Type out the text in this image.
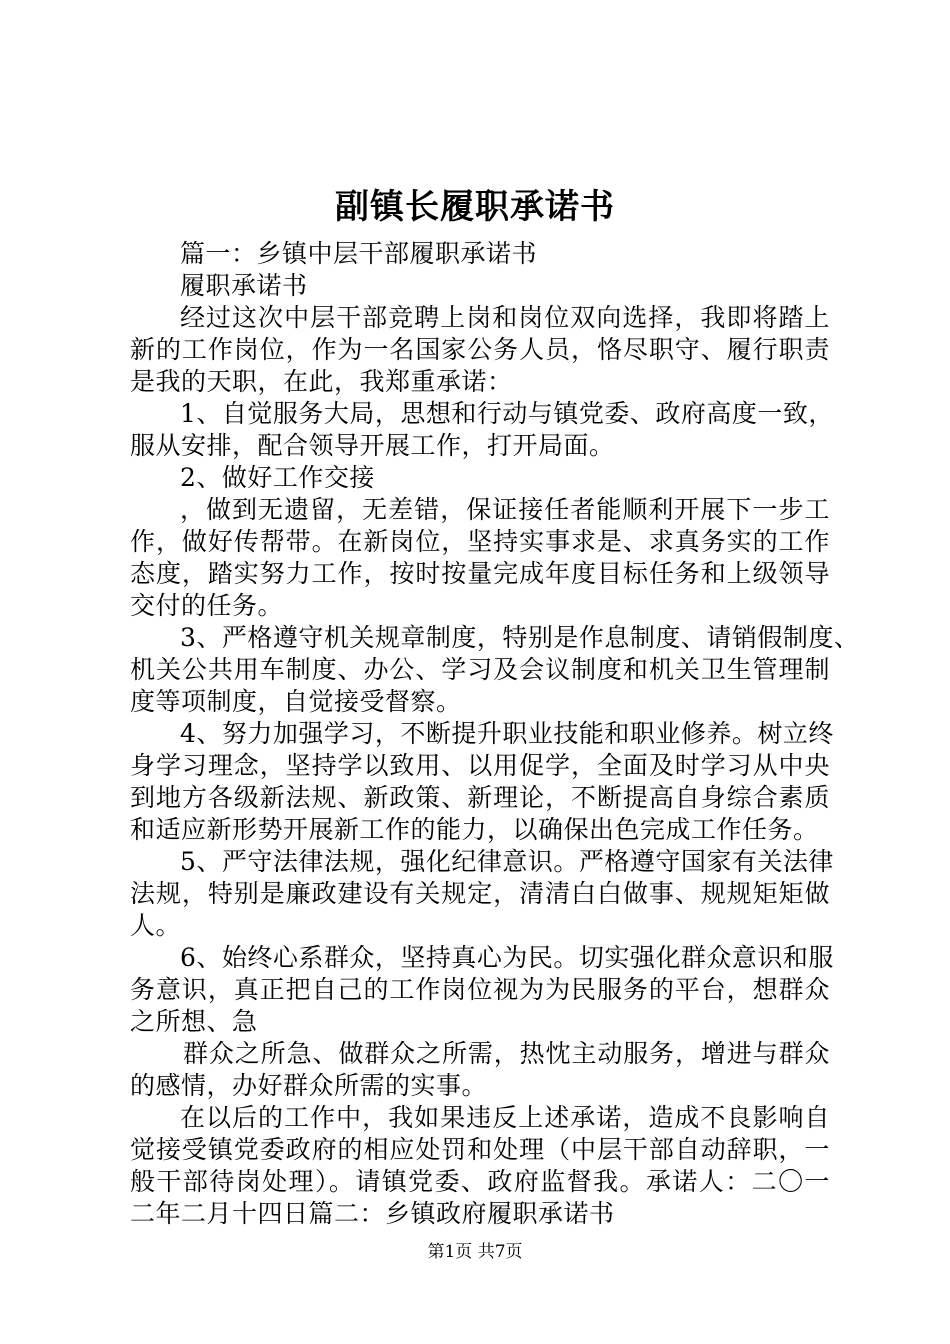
副镇长履职承诺书
篇一：乡镇中层干部履职承诺书
履职承诺书
经过这次中层干部竞聘上岗和岗位双向选择，我即将踏上
新的工作岗位，作为一名国家公务人员，恪尽职守、履行职责
是我的天职，在此，我郑重承诺：
1、自觉服务大局，思想和行动与镇党委、政府高度一致，
服从安排，配合领导开展工作，打开局面。
2、做好工作交接
，做到无遗留，无差错，保证接任者能顺利开展下一步工
作，做好传帮带。在新岗位，坚持实事求是、求真务实的工作
态度，踏实努力工作，按时按量完成年度目标任务和上级领导
交付的任务。
3、严格遵守机关规章制度，特别是作息制度、请销假制度、
机关公共用车制度、办公、学习及会议制度和机关卫生管理制
度等项制度，自觉接受督察。
4、努力加强学习，不断提升职业技能和职业修养。树立终
身学习理念，坚持学以致用、以用促学，全面及时学习从中央
到地方各级新法规、新政策、新理论，不断提高自身综合素质
和适应新形势开展新工作的能力，以确保出色完成工作任务。
5、严守法律法规，强化纪律意识。严格遵守国家有关法律
法规，特别是廉政建设有关规定，清清白白做事、规规矩矩做
人。
6、始终心系群众，坚持真心为民。切实强化群众意识和服
务意识，真正把自己的工作岗位视为为民服务的平台，想群众
之所想、急
群众之所急、做群众之所需，热忱主动服务，增进与群众
的感情，办好群众所需的实事。
在以后的工作中，我如果违反上述承诺，造成不良影响自
觉接受镇党委政府的相应处罚和处理（中层干部自动辞职，一
般干部待岗处理）。请镇党委、政府监督我。承诺人：二〇一
二年二月十四日篇二：乡镇政府履职承诺书
第1页 共7页
